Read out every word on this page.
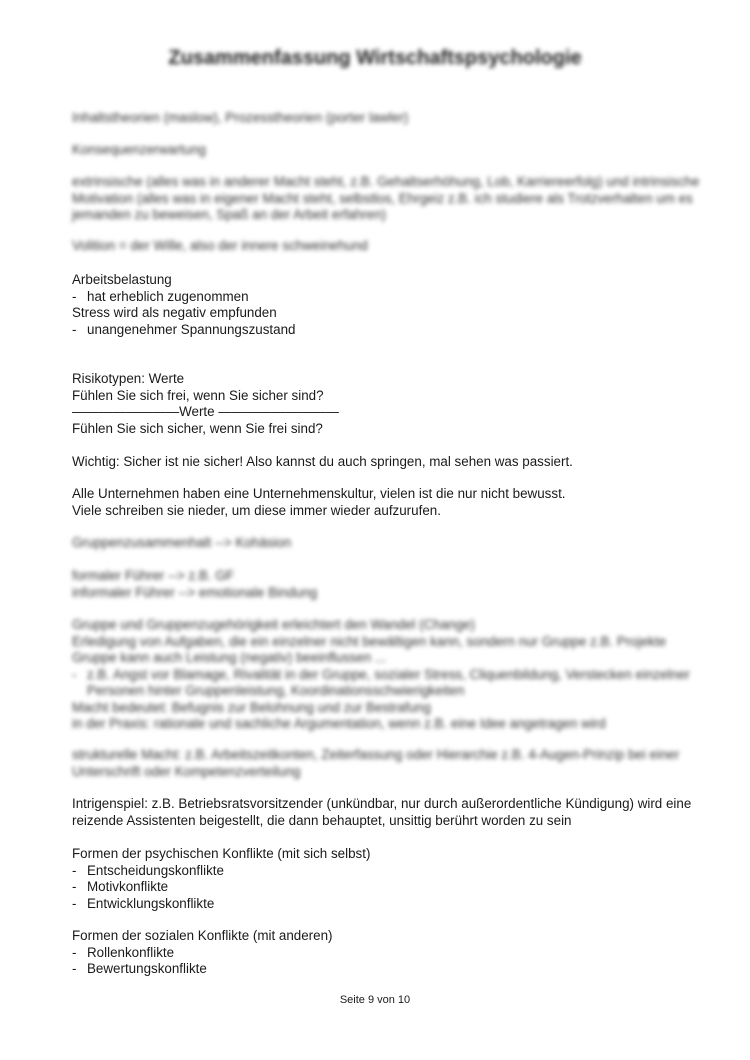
Zusammenfassung Wirtschaftspsychologie
Inhaltstheorien (maslow), Prozesstheorien (porter lawler)
Konsequenzerwartung
extrinsische (alles was in anderer Macht steht, z.B. Gehaltserhöhung, Lob, Karriereerfolg) und intrinsische
Motivation (alles was in eigener Macht steht, selbstlos, Ehrgeiz z.B. ich studiere als Trotzverhalten um es
jemanden zu beweisen, Spaß an der Arbeit erfahren)
Volition = der Wille, also der innere schweinehund
Arbeitsbelastung
- hat erheblich zugenommen
Stress wird als negativ empfunden
- unangenehmer Spannungszustand
Risikotypen: Werte
Fühlen Sie sich frei, wenn Sie sicher sind?
————————Werte —————————
Fühlen Sie sich sicher, wenn Sie frei sind?
Wichtig: Sicher ist nie sicher! Also kannst du auch springen, mal sehen was passiert.
Alle Unternehmen haben eine Unternehmenskultur, vielen ist die nur nicht bewusst.
Viele schreiben sie nieder, um diese immer wieder aufzurufen.
Gruppenzusammenhalt --> Kohäsion
formaler Führer --> z.B. GF
informaler Führer --> emotionale Bindung
Gruppe und Gruppenzugehörigkeit erleichtert den Wandel (Change)
Erledigung von Aufgaben, die ein einzelner nicht bewältigen kann, sondern nur Gruppe z.B. Projekte
Gruppe kann auch Leistung (negativ) beeinflussen ...
- z.B. Angst vor Blamage, Rivalität in der Gruppe, sozialer Stress, Cliquenbildung, Verstecken einzelner
Personen hinter Gruppenleistung, Koordinationsschwierigkeiten
Macht bedeutet: Befugnis zur Belohnung und zur Bestrafung
in der Praxis: rationale und sachliche Argumentation, wenn z.B. eine Idee angetragen wird
strukturelle Macht: z.B. Arbeitszeitkonten, Zeiterfassung oder Hierarchie z.B. 4-Augen-Prinzip bei einer
Unterschrift oder Kompetenzverteilung
Intrigenspiel: z.B. Betriebsratsvorsitzender (unkündbar, nur durch außerordentliche Kündigung) wird eine
reizende Assistenten beigestellt, die dann behauptet, unsittig berührt worden zu sein
Formen der psychischen Konflikte (mit sich selbst)
- Entscheidungskonflikte
- Motivkonflikte
- Entwicklungskonflikte
Formen der sozialen Konflikte (mit anderen)
- Rollenkonflikte
- Bewertungskonflikte
Seite 9 von 10
